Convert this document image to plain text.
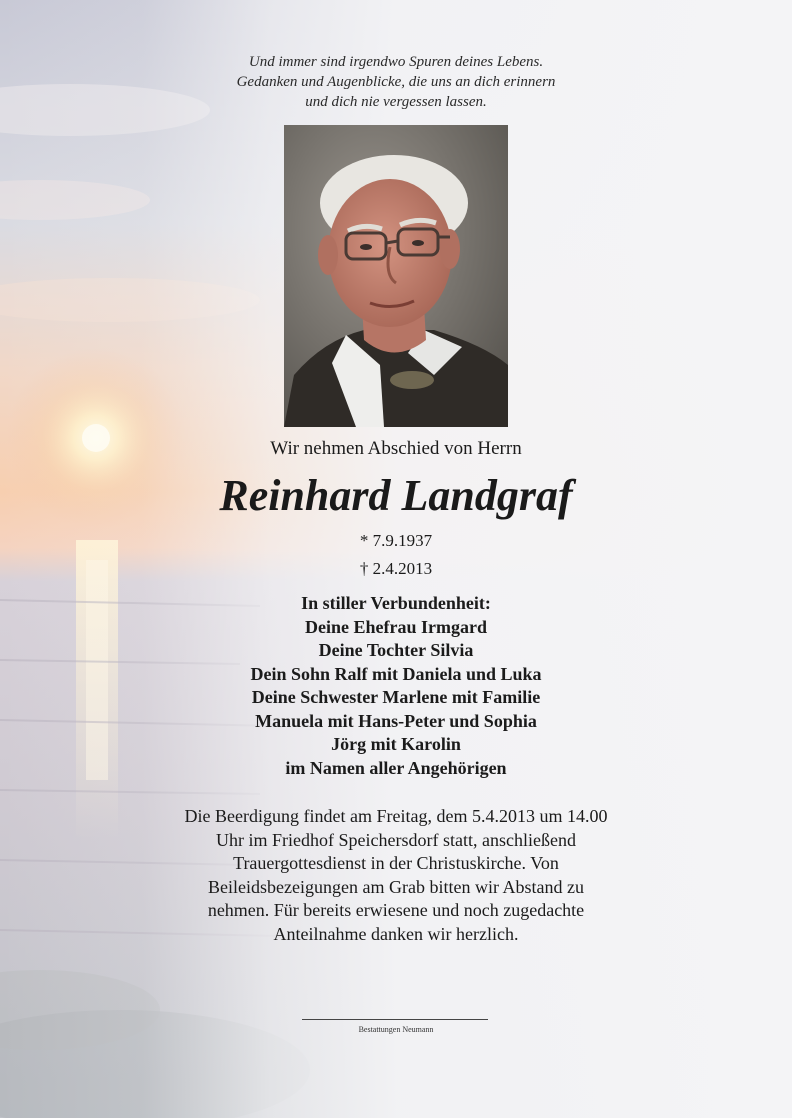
Und immer sind irgendwo Spuren deines Lebens.
Gedanken und Augenblicke, die uns an dich erinnern
und dich nie vergessen lassen.
Wir nehmen Abschied von Herrn
Reinhard Landgraf
* 7.9.1937
† 2.4.2013
In stiller Verbundenheit:
Deine Ehefrau Irmgard
Deine Tochter Silvia
Dein Sohn Ralf mit Daniela und Luka
Deine Schwester Marlene mit Familie
Manuela mit Hans-Peter und Sophia
Jörg mit Karolin
im Namen aller Angehörigen
Die Beerdigung findet am Freitag, dem 5.4.2013 um 14.00
Uhr im Friedhof Speichersdorf statt, anschließend
Trauergottesdienst in der Christuskirche. Von
Beileidsbezeigungen am Grab bitten wir Abstand zu
nehmen. Für bereits erwiesene und noch zugedachte
Anteilnahme danken wir herzlich.
Bestattungen Neumann
